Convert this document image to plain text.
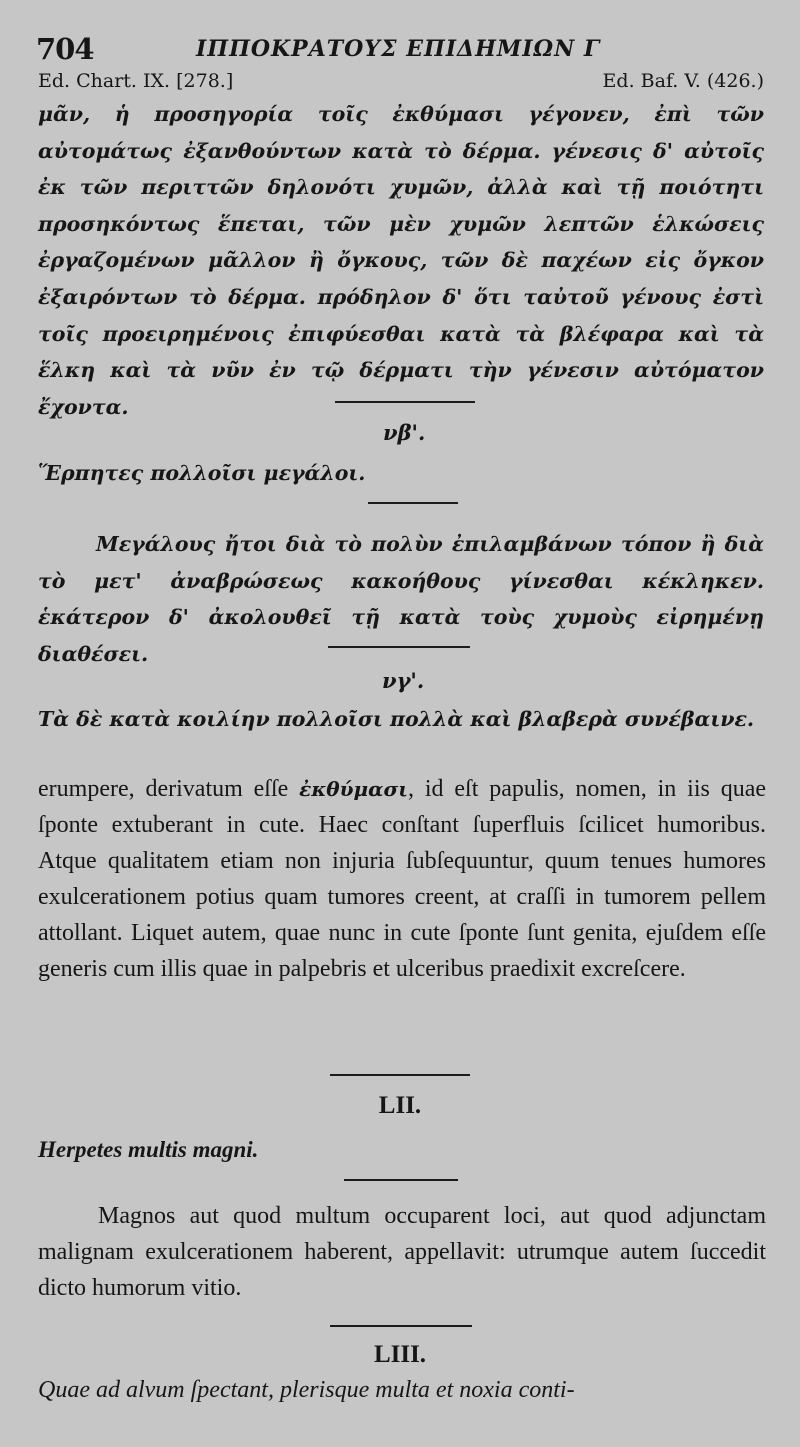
704	ΙΠΠΟΚΡΑΤΟΥΣ ΕΠΙΔΗΜΙΩΝ Γ
Ed. Chart. IX. [278.]	Ed. Baf. V. (426.)

μᾶν, ἡ προσηγορία τοῖς ἐκθύμασι γέγονεν, ἐπὶ τῶν αὐτομάτως ἐξανθούντων κατὰ τὸ δέρμα. γένεσις δ' αὐτοῖς ἐκ τῶν περιττῶν δηλονότι χυμῶν, ἀλλὰ καὶ τῇ ποιότητι προσηκόντως ἕπεται, τῶν μὲν χυμῶν λεπτῶν ἑλκώσεις ἐργαζομένων μᾶλλον ἢ ὄγκους, τῶν δὲ παχέων εἰς ὄγκον ἐξαιρόντων τὸ δέρμα. πρόδηλον δ' ὅτι ταὐτοῦ γένους ἐστὶ τοῖς προειρημένοις ἐπιφύεσθαι κατὰ τὰ βλέφαρα καὶ τὰ ἕλκη καὶ τὰ νῦν ἐν τῷ δέρματι τὴν γένεσιν αὐτόματον ἔχοντα.

νβ'.

Ἕρπητες πολλοῖσι μεγάλοι.

Μεγάλους ἤτοι διὰ τὸ πολὺν ἐπιλαμβάνων τόπον ἢ διὰ τὸ μετ' ἀναβρώσεως κακοήθους γίνεσθαι κέκληκεν. ἑκάτερον δ' ἀκολουθεῖ τῇ κατὰ τοὺς χυμοὺς εἰρημένῃ διαθέσει.

νγ'.

Τὰ δὲ κατὰ κοιλίην πολλοῖσι πολλὰ καὶ βλαβερὰ συνέβαινε.

erumpere, derivatum eſſe ἐκθύμασι, id eſt papulis, nomen, in iis quae ſponte extuberant in cute. Haec conſtant ſuperfluis ſcilicet humoribus. Atque qualitatem etiam non injuria ſubſequuntur, quum tenues humores exulcerationem potius quam tumores creent, at craſſi in tumorem pellem attollant. Liquet autem, quae nunc in cute ſponte ſunt genita, ejuſdem eſſe generis cum illis quae in palpebris et ulceribus praedixit excreſcere.

LII.

Herpetes multis magni.

Magnos aut quod multum occuparent loci, aut quod adjunctam malignam exulcerationem haberent, appellavit: utrumque autem ſuccedit dicto humorum vitio.

LIII.
Quae ad alvum ſpectant, plerisque multa et noxia conti-
